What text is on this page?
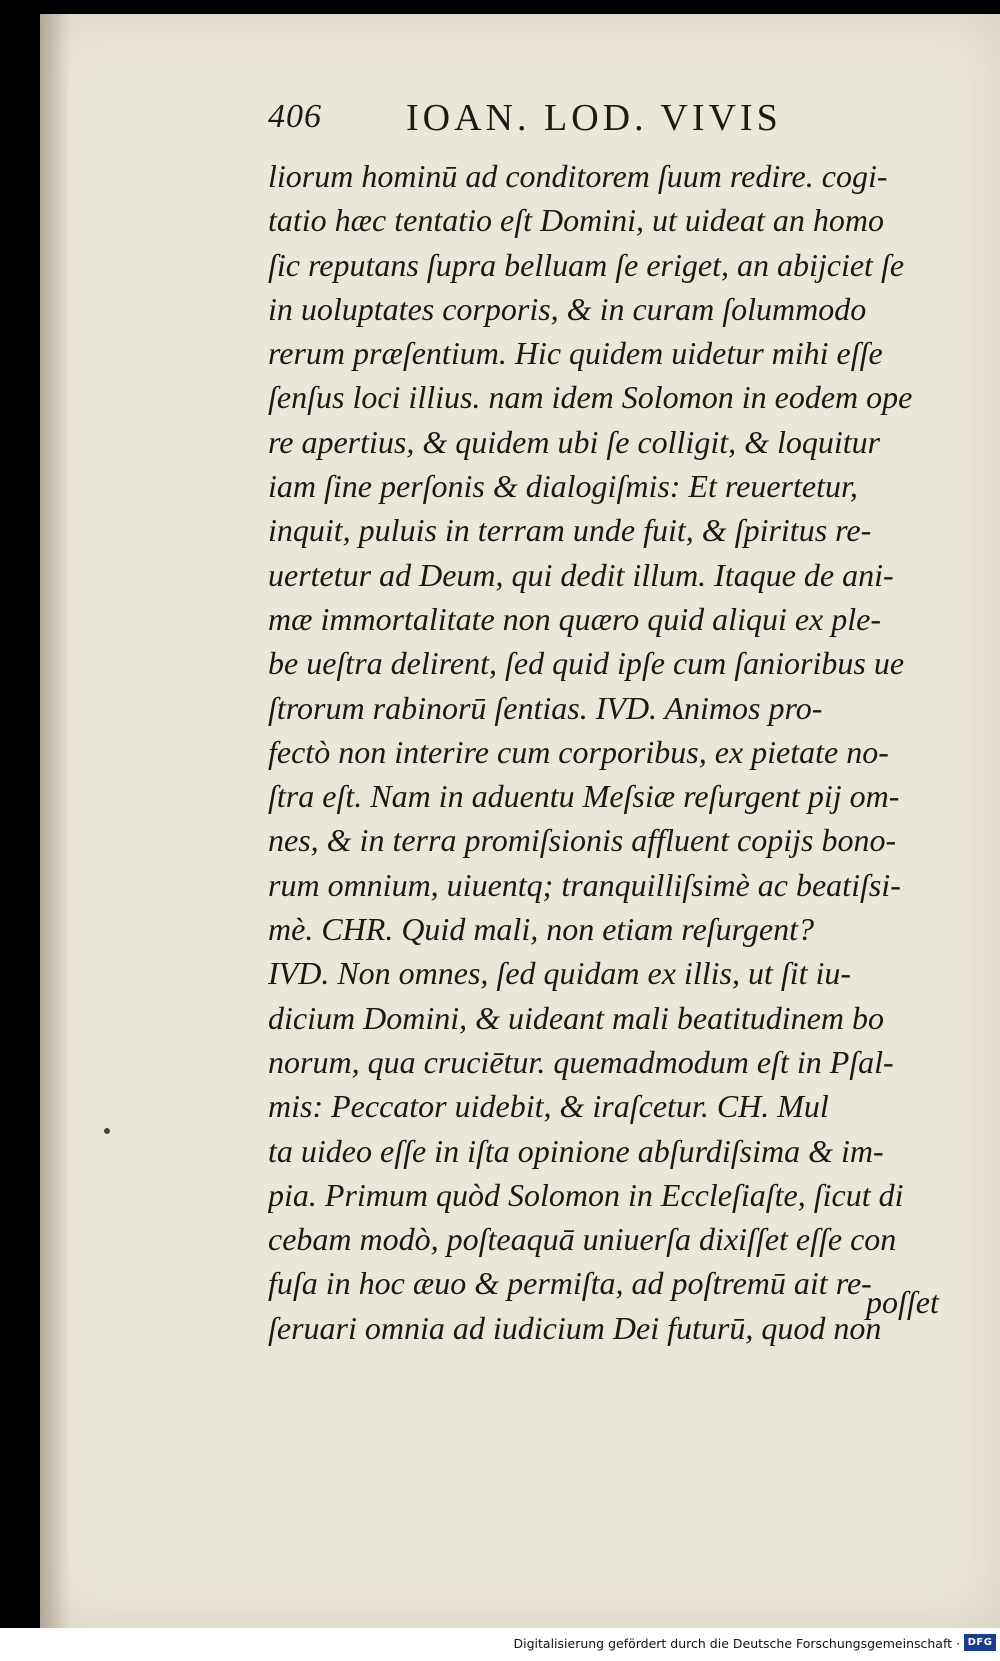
406 IOAN. LOD. VIVIS
liorum hominū ad conditorem ſuum redire. cogi‑
tatio hæc tentatio eſt Domini, ut uideat an homo
ſic reputans ſupra belluam ſe eriget, an abijciet ſe
in uoluptates corporis, & in curam ſolummodo
rerum præſentium. Hic quidem uidetur mihi eſſe
ſenſus loci illius. nam idem Solomon in eodem ope
re apertius, & quidem ubi ſe colligit, & loquitur
iam ſine perſonis & dialogiſmis: Et reuertetur,
inquit, puluis in terram unde fuit, & ſpiritus re‑
uertetur ad Deum, qui dedit illum. Itaque de ani‑
mæ immortalitate non quæro quid aliqui ex ple‑
be ueſtra delirent, ſed quid ipſe cum ſanioribus ue
ſtrorum rabinorū ſentias. IVD. Animos pro‑
fectò non interire cum corporibus, ex pietate no‑
ſtra eſt. Nam in aduentu Meſsiæ reſurgent pij om‑
nes, & in terra promiſsionis affluent copijs bono‑
rum omnium, uiuentq; tranquilliſsimè ac beatiſsi‑
mè. CHR. Quid mali, non etiam reſurgent?
IVD. Non omnes, ſed quidam ex illis, ut ſit iu‑
dicium Domini, & uideant mali beatitudinem bo
norum, qua cruciētur. quemadmodum eſt in Pſal‑
mis: Peccator uidebit, & iraſcetur. CH. Mul
ta uideo eſſe in iſta opinione abſurdiſsima & im‑
pia. Primum quòd Solomon in Eccleſiaſte, ſicut di
cebam modò, poſteaquā uniuerſa dixiſſet eſſe con
fuſa in hoc æuo & permiſta, ad poſtremū ait re‑
ſeruari omnia ad iudicium Dei futurū, quod non
poſſet
Digitalisierung gefördert durch die Deutsche Forschungsgemeinschaft · DFG
